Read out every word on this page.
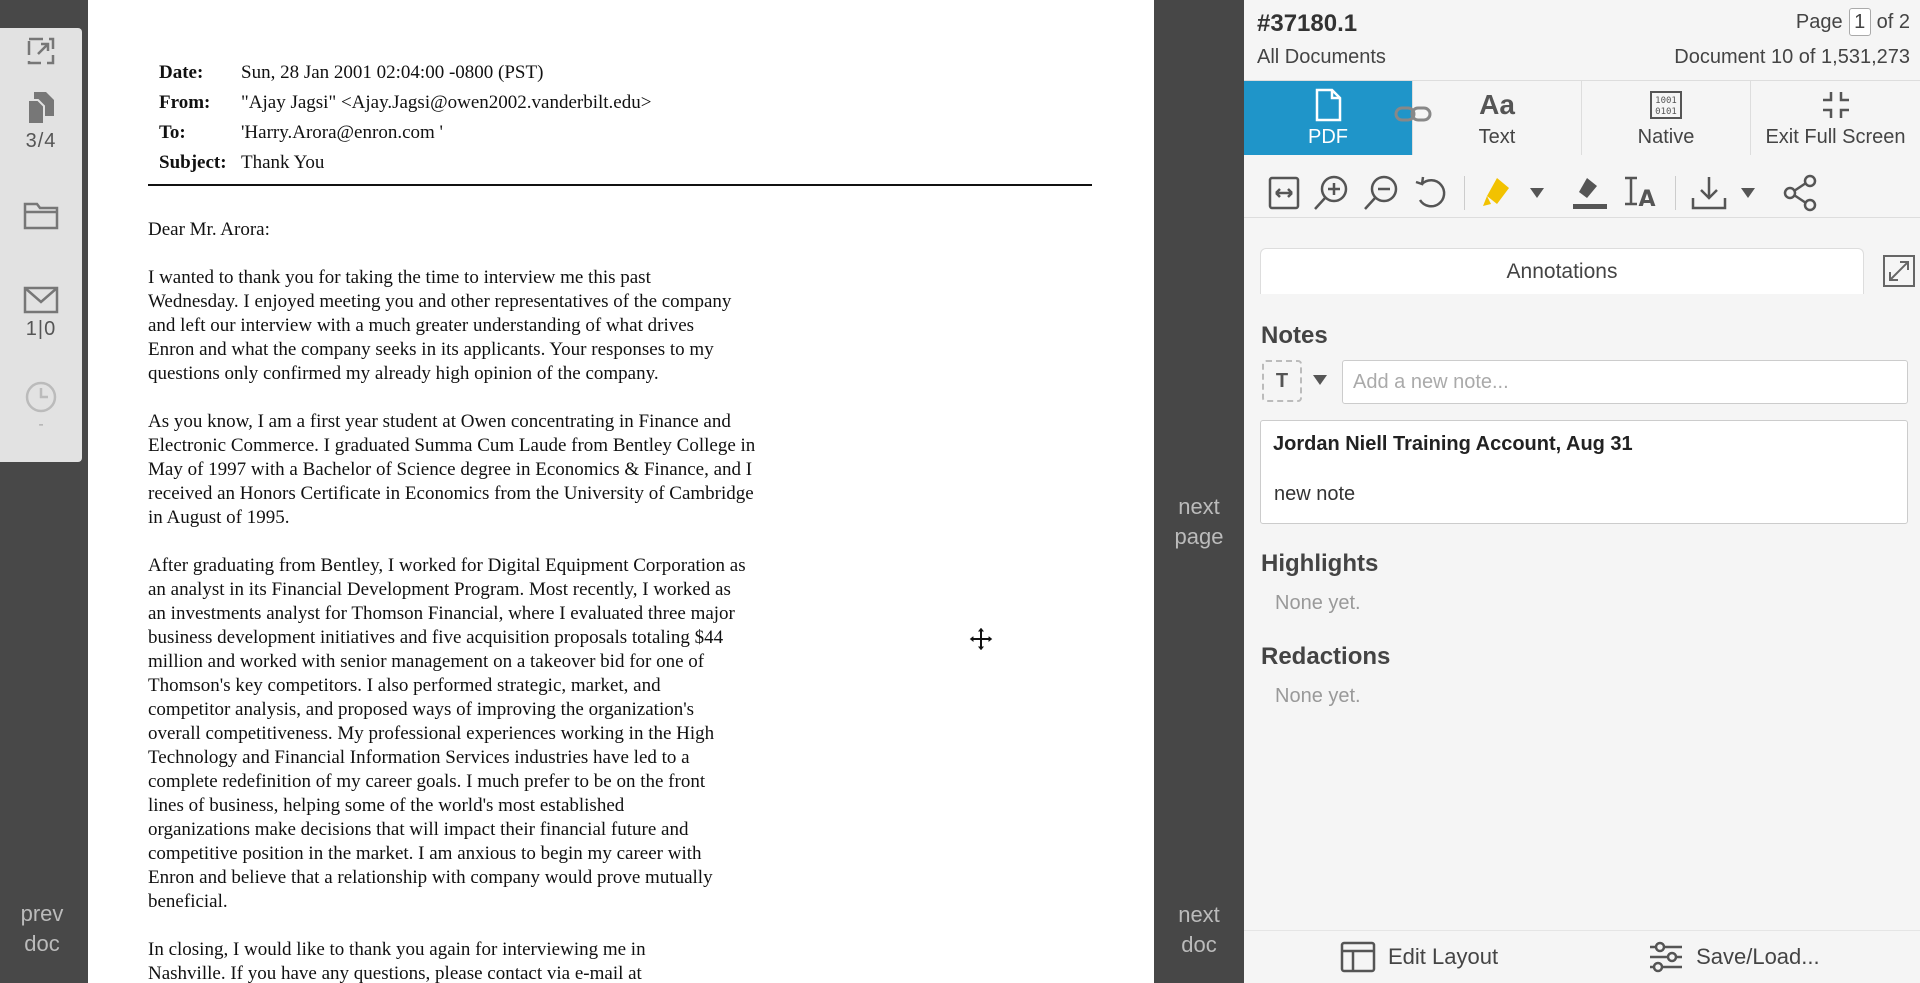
3/4
1|0
-
prev
doc
Date:	Sun, 28 Jan 2001 02:04:00 -0800 (PST)
From:	"Ajay Jagsi" <Ajay.Jagsi@owen2002.vanderbilt.edu>
To:	'Harry.Arora@enron.com '
Subject: Thank You

Dear Mr. Arora:

I wanted to thank you for taking the time to interview me this past
Wednesday. I enjoyed meeting you and other representatives of the company
and left our interview with a much greater understanding of what drives
Enron and what the company seeks in its applicants. Your responses to my
questions only confirmed my already high opinion of the company.

As you know, I am a first year student at Owen concentrating in Finance and
Electronic Commerce. I graduated Summa Cum Laude from Bentley College in
May of 1997 with a Bachelor of Science degree in Economics & Finance, and I
received an Honors Certificate in Economics from the University of Cambridge
in August of 1995.

After graduating from Bentley, I worked for Digital Equipment Corporation as
an analyst in its Financial Development Program. Most recently, I worked as
an investments analyst for Thomson Financial, where I evaluated three major
business development initiatives and five acquisition proposals totaling $44
million and worked with senior management on a takeover bid for one of
Thomson's key competitors. I also performed strategic, market, and
competitor analysis, and proposed ways of improving the organization's
overall competitiveness. My professional experiences working in the High
Technology and Financial Information Services industries have led to a
complete redefinition of my career goals. I much prefer to be on the front
lines of business, helping some of the world's most established
organizations make decisions that will impact their financial future and
competitive position in the market. I am anxious to begin my career with
Enron and believe that a relationship with company would prove mutually
beneficial.

In closing, I would like to thank you again for interviewing me in
Nashville. If you have any questions, please contact via e-mail at

next
page
next
doc
#37180.1
All Documents
Page 1 of 2
Document 10 of 1,531,273
PDF
Aa
Text
1001
0101
Native	Exit Full Screen
A
Annotations
Notes
T
Add a new note...
Jordan Niell Training Account, Aug 31
new note
Highlights
None yet.
Redactions
None yet.
Edit Layout	Save/Load...
